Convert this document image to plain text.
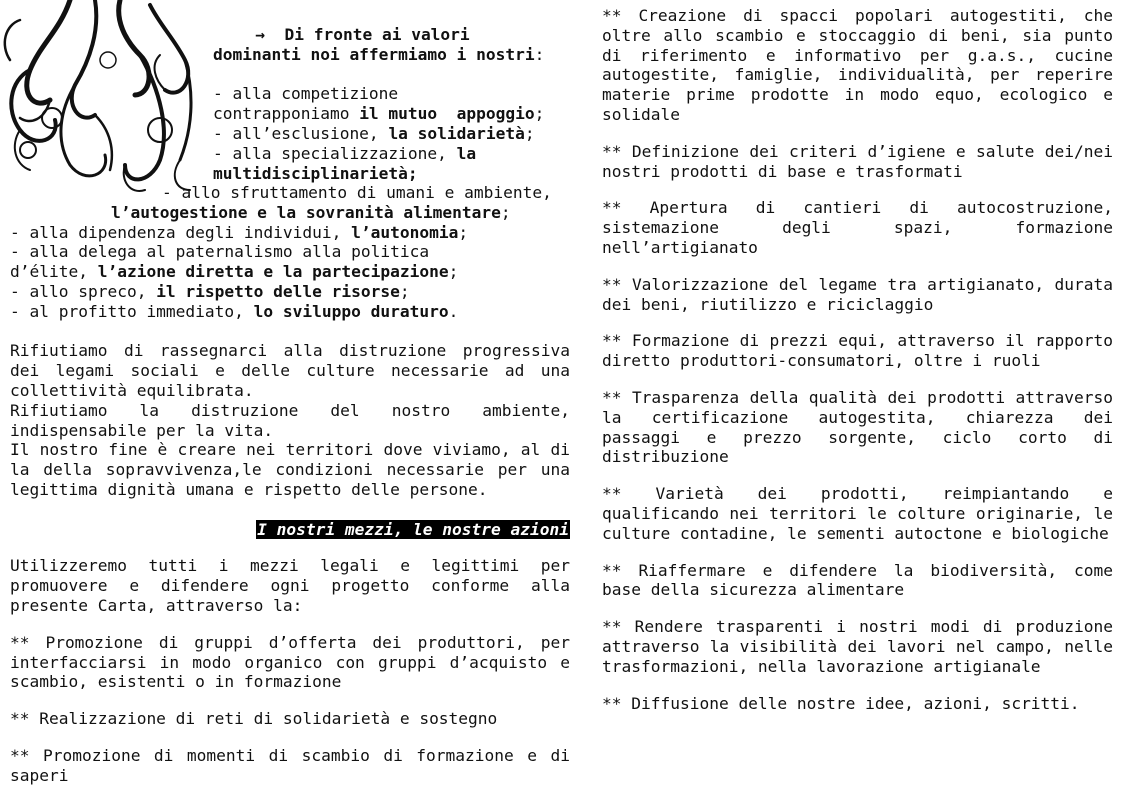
→ Di fronte ai valori
dominanti noi affermiamo i nostri:

- alla competizione
contrapponiamo il mutuo  appoggio;
- all’esclusione, la solidarietà;
- alla specializzazione, la
multidisciplinarietà;
- allo sfruttamento di umani e ambiente,
l’autogestione e la sovranità alimentare;
- alla dipendenza degli individui, l’autonomia;
- alla delega al paternalismo alla politica
d’élite, l’azione diretta e la partecipazione;
- allo spreco, il rispetto delle risorse;
- al profitto immediato, lo sviluppo duraturo.

Rifiutiamo di rassegnarci alla distruzione progressiva dei legami sociali e delle culture necessarie ad una collettività equilibrata.

Rifiutiamo la distruzione del nostro ambiente, indispensabile per la vita.

Il nostro fine è creare nei territori dove viviamo, al di la della sopravvivenza,le condizioni necessarie per una legittima dignità umana e rispetto delle persone.

I nostri mezzi, le nostre azioni

Utilizzeremo tutti i mezzi legali e legittimi per promuovere e difendere ogni progetto conforme alla presente Carta, attraverso la:

** Promozione di gruppi d’offerta dei produttori, per interfacciarsi in modo organico con gruppi d’acquisto e scambio, esistenti o in formazione

** Realizzazione di reti di solidarietà e sostegno

** Promozione di momenti di scambio di formazione e di saperi

** Creazione di spacci popolari autogestiti, che oltre allo scambio e stoccaggio di beni, sia punto di riferimento e informativo per g.a.s., cucine autogestite, famiglie, individualità, per reperire materie prime prodotte in modo equo, ecologico e solidale

** Definizione dei criteri d’igiene e salute dei/nei nostri prodotti di base e trasformati

** Apertura di cantieri di autocostruzione, sistemazione degli spazi, formazione nell’artigianato

** Valorizzazione del legame tra artigianato, durata dei beni, riutilizzo e riciclaggio

** Formazione di prezzi equi, attraverso il rapporto diretto produttori-consumatori, oltre i ruoli

** Trasparenza della qualità dei prodotti attraverso la certificazione autogestita, chiarezza dei passaggi e prezzo sorgente, ciclo corto di distribuzione

** Varietà dei prodotti, reimpiantando e qualificando nei territori le colture originarie, le culture contadine, le sementi autoctone e biologiche

** Riaffermare e difendere la biodiversità, come base della sicurezza alimentare

** Rendere trasparenti i nostri modi di produzione attraverso la visibilità dei lavori nel campo, nelle trasformazioni, nella lavorazione artigianale

** Diffusione delle nostre idee, azioni, scritti.
